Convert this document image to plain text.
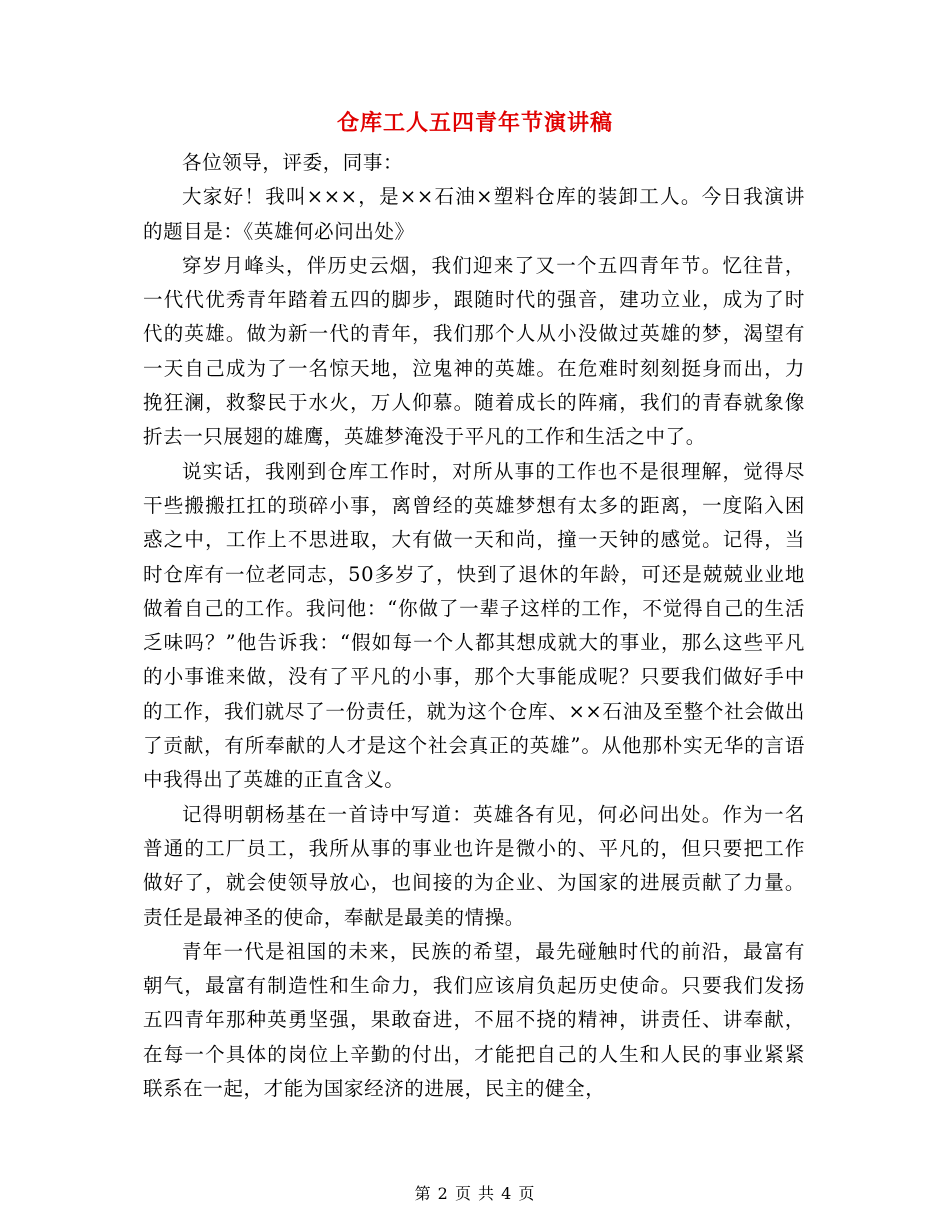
仓库工人五四青年节演讲稿

各位领导，评委，同事：

大家好！我叫×××，是××石油×塑料仓库的装卸工人。今日我演讲的题目是：《英雄何必问出处》

穿岁月峰头，伴历史云烟，我们迎来了又一个五四青年节。忆往昔，一代代优秀青年踏着五四的脚步，跟随时代的强音，建功立业，成为了时代的英雄。做为新一代的青年，我们那个人从小没做过英雄的梦，渴望有一天自己成为了一名惊天地，泣鬼神的英雄。在危难时刻刻挺身而出，力挽狂澜，救黎民于水火，万人仰慕。随着成长的阵痛，我们的青春就象像折去一只展翅的雄鹰，英雄梦淹没于平凡的工作和生活之中了。

说实话，我刚到仓库工作时，对所从事的工作也不是很理解，觉得尽干些搬搬扛扛的琐碎小事，离曾经的英雄梦想有太多的距离，一度陷入困惑之中，工作上不思进取，大有做一天和尚，撞一天钟的感觉。记得，当时仓库有一位老同志，50多岁了，快到了退休的年龄，可还是兢兢业业地做着自己的工作。我问他：“你做了一辈子这样的工作，不觉得自己的生活乏味吗？”他告诉我：“假如每一个人都其想成就大的事业，那么这些平凡的小事谁来做，没有了平凡的小事，那个大事能成呢？只要我们做好手中的工作，我们就尽了一份责任，就为这个仓库、××石油及至整个社会做出了贡献，有所奉献的人才是这个社会真正的英雄”。从他那朴实无华的言语中我得出了英雄的正直含义。

记得明朝杨基在一首诗中写道：英雄各有见，何必问出处。作为一名普通的工厂员工，我所从事的事业也许是微小的、平凡的，但只要把工作做好了，就会使领导放心，也间接的为企业、为国家的进展贡献了力量。责任是最神圣的使命，奉献是最美的情操。

青年一代是祖国的未来，民族的希望，最先碰触时代的前沿，最富有朝气，最富有制造性和生命力，我们应该肩负起历史使命。只要我们发扬五四青年那种英勇坚强，果敢奋进，不屈不挠的精神，讲责任、讲奉献，在每一个具体的岗位上辛勤的付出，才能把自己的人生和人民的事业紧紧联系在一起，才能为国家经济的进展，民主的健全，

第 2 页 共 4 页
